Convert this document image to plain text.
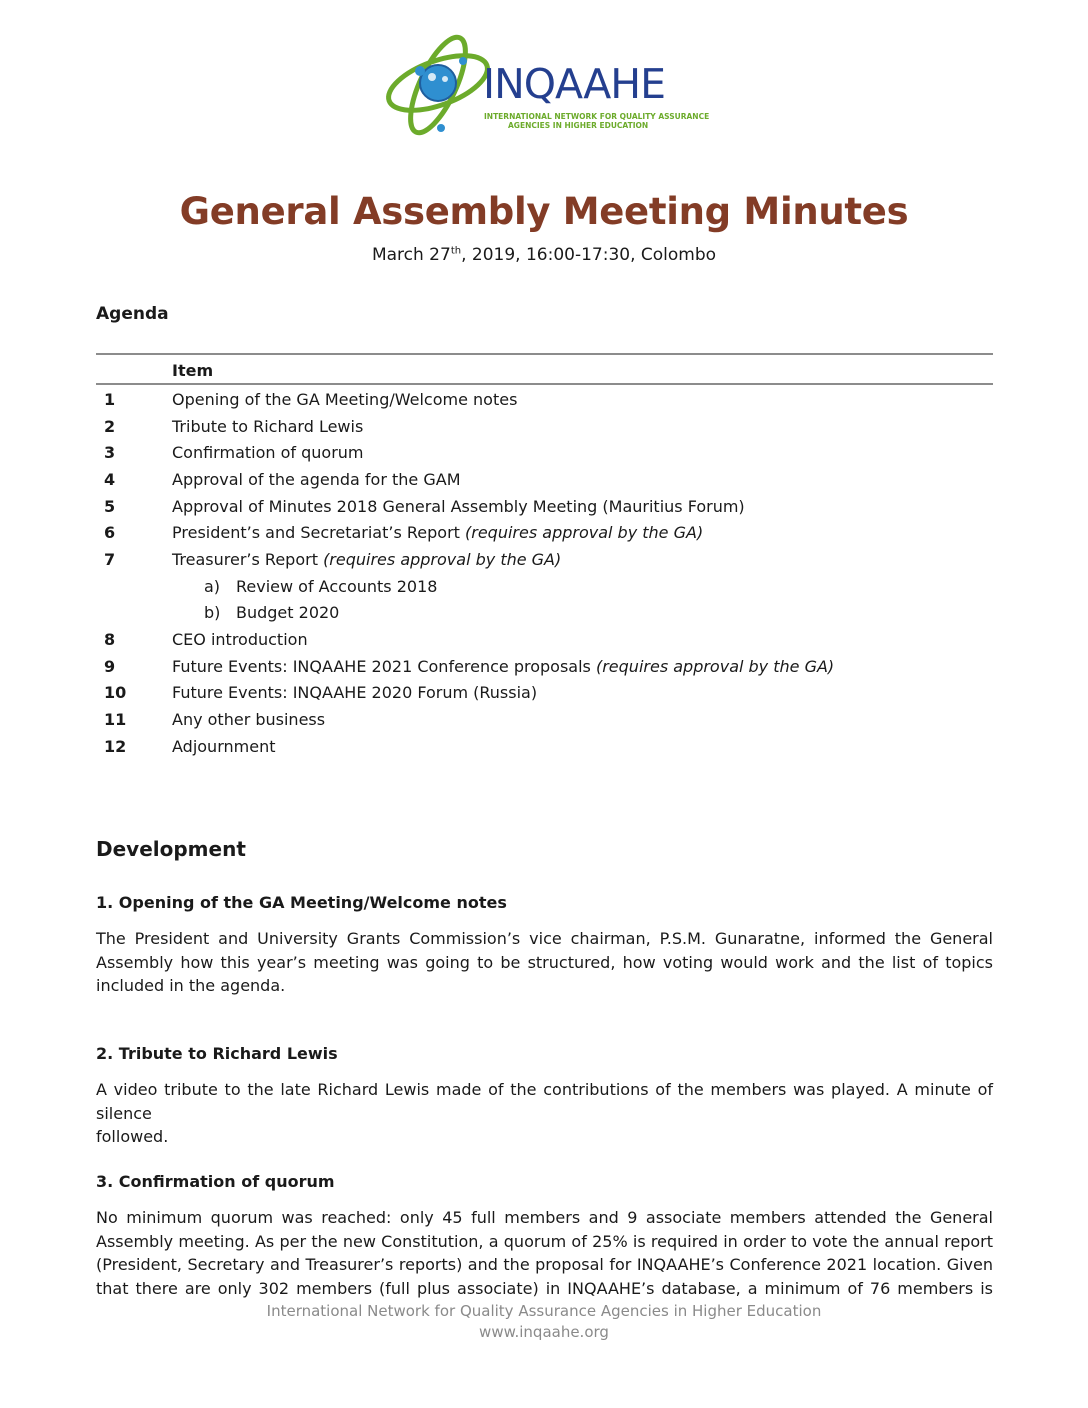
INQAAHE
INTERNATIONAL NETWORK FOR QUALITY ASSURANCE
AGENCIES IN HIGHER EDUCATION
General Assembly Meeting Minutes
March 27th, 2019, 16:00-17:30, Colombo
Agenda
Item
1	Opening of the GA Meeting/Welcome notes
2	Tribute to Richard Lewis
3	Confirmation of quorum
4	Approval of the agenda for the GAM
5	Approval of Minutes 2018 General Assembly Meeting (Mauritius Forum)
6	President’s and Secretariat’s Report (requires approval by the GA)
7	Treasurer’s Report (requires approval by the GA)
a) Review of Accounts 2018
b) Budget 2020
8	CEO introduction
9	Future Events: INQAAHE 2021 Conference proposals (requires approval by the GA)
10	Future Events: INQAAHE 2020 Forum (Russia)
11	Any other business
12	Adjournment
Development
1. Opening of the GA Meeting/Welcome notes
The President and University Grants Commission’s vice chairman, P.S.M. Gunaratne, informed the General
Assembly how this year’s meeting was going to be structured, how voting would work and the list of topics
included in the agenda.
2. Tribute to Richard Lewis
A video tribute to the late Richard Lewis made of the contributions of the members was played. A minute of silence
followed.
3. Confirmation of quorum
No minimum quorum was reached: only 45 full members and 9 associate members attended the General
Assembly meeting. As per the new Constitution, a quorum of 25% is required in order to vote the annual report
(President, Secretary and Treasurer’s reports) and the proposal for INQAAHE’s Conference 2021 location. Given
that there are only 302 members (full plus associate) in INQAAHE’s database, a minimum of 76 members is
International Network for Quality Assurance Agencies in Higher Education
www.inqaahe.org
